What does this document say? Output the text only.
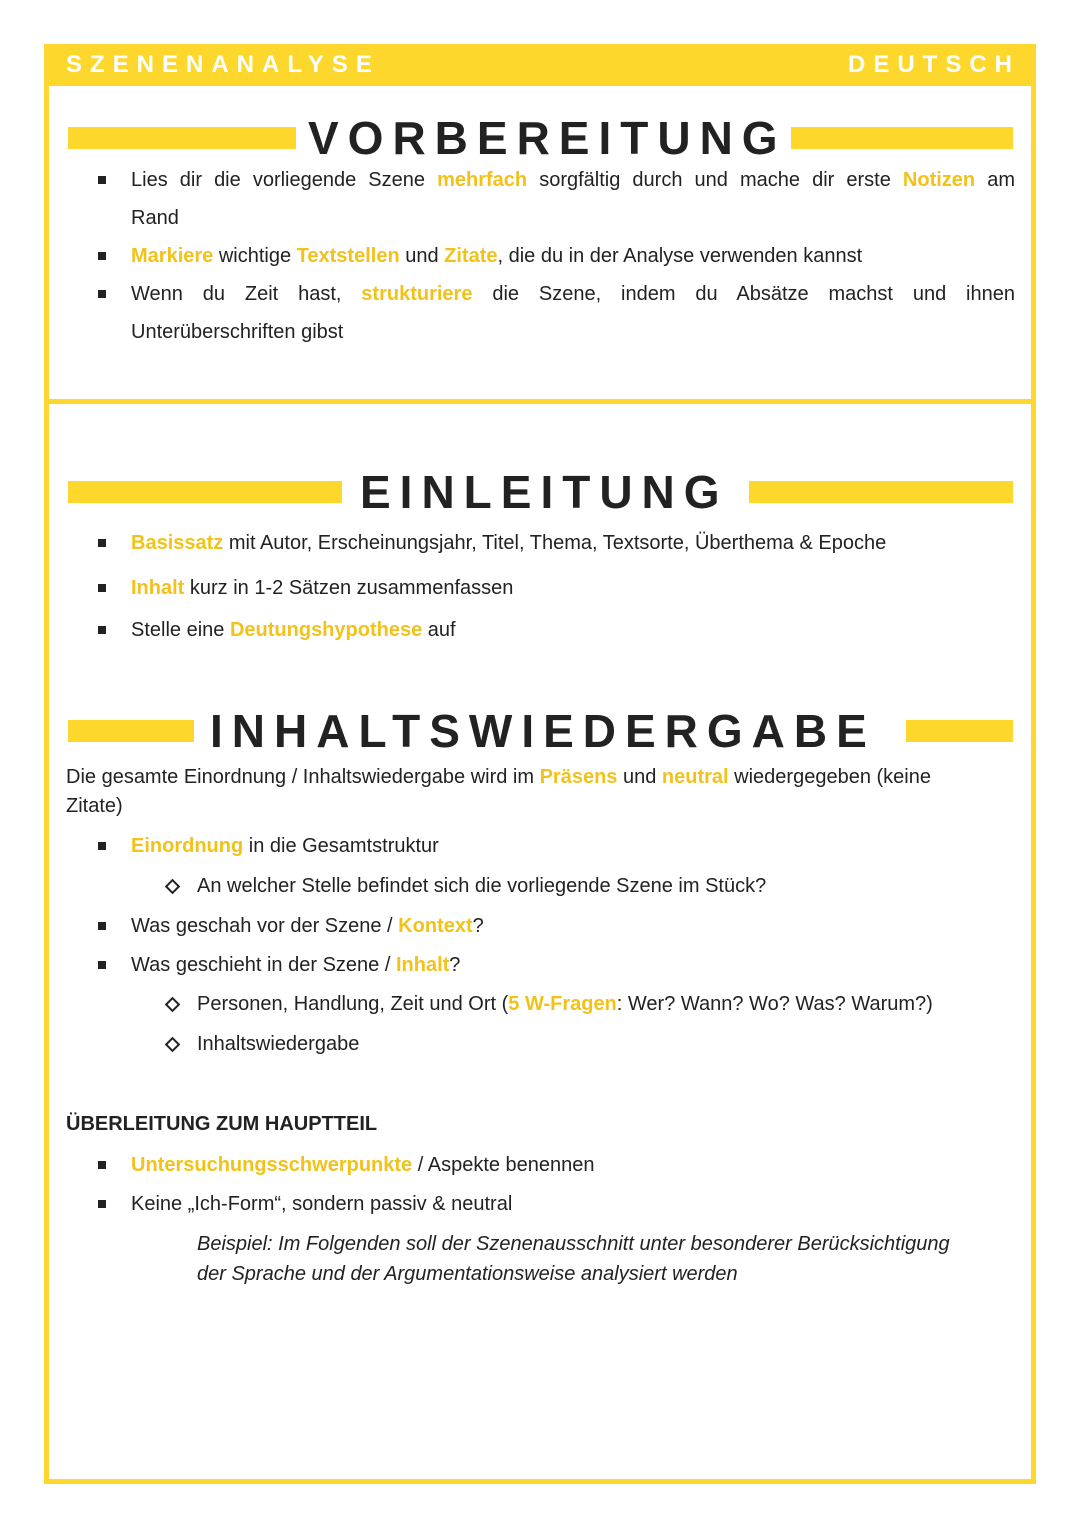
SZENENANALYSE	DEUTSCH
VORBEREITUNG
Lies dir die vorliegende Szene mehrfach sorgfältig durch und mache dir erste Notizen am
Rand
Markiere wichtige Textstellen und Zitate, die du in der Analyse verwenden kannst
Wenn du Zeit hast, strukturiere die Szene, indem du Absätze machst und ihnen
Unterüberschriften gibst
EINLEITUNG
Basissatz mit Autor, Erscheinungsjahr, Titel, Thema, Textsorte, Überthema & Epoche
Inhalt kurz in 1-2 Sätzen zusammenfassen
Stelle eine Deutungshypothese auf
INHALTSWIEDERGABE
Die gesamte Einordnung / Inhaltswiedergabe wird im Präsens und neutral wiedergegeben (keine
Zitate)
Einordnung in die Gesamtstruktur
An welcher Stelle befindet sich die vorliegende Szene im Stück?
Was geschah vor der Szene / Kontext?
Was geschieht in der Szene / Inhalt?
Personen, Handlung, Zeit und Ort (5 W-Fragen: Wer? Wann? Wo? Was? Warum?)
Inhaltswiedergabe
ÜBERLEITUNG ZUM HAUPTTEIL
Untersuchungsschwerpunkte / Aspekte benennen
Keine „Ich-Form“, sondern passiv & neutral
Beispiel: Im Folgenden soll der Szenenausschnitt unter besonderer Berücksichtigung
der Sprache und der Argumentationsweise analysiert werden
